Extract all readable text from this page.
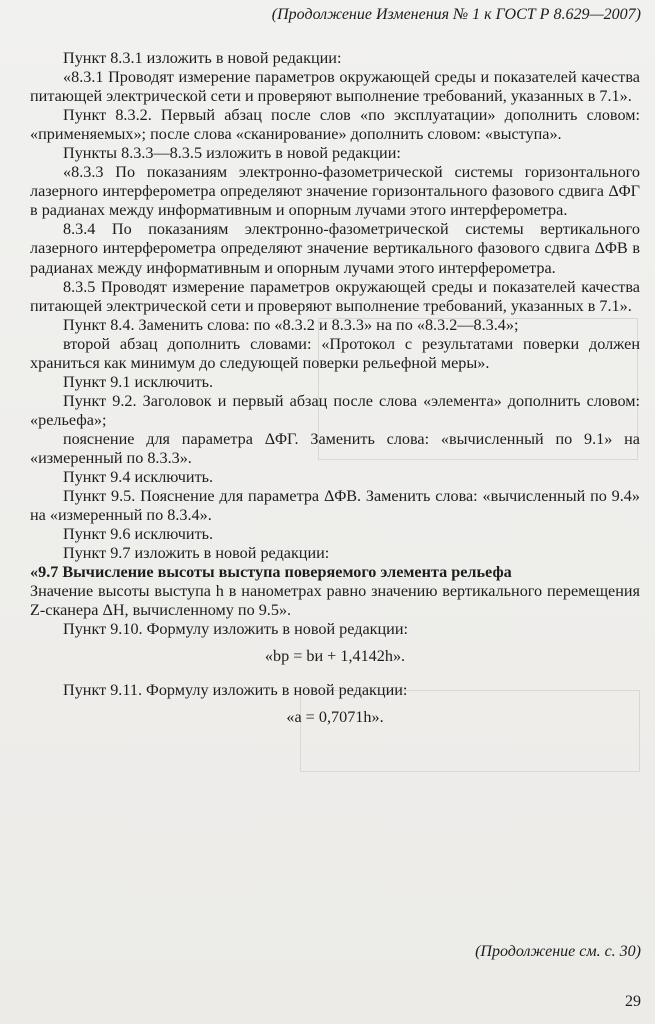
(Продолжение Изменения № 1 к ГОСТ Р 8.629—2007)

Пункт 8.3.1 изложить в новой редакции:

«8.3.1 Проводят измерение параметров окружающей среды и показателей качества питающей электрической сети и проверяют выполнение требований, указанных в 7.1».

Пункт 8.3.2. Первый абзац после слов «по эксплуатации» дополнить словом: «применяемых»; после слова «сканирование» дополнить словом: «выступа».

Пункты 8.3.3—8.3.5 изложить в новой редакции:

«8.3.3 По показаниям электронно-фазометрической системы горизонтального лазерного интерферометра определяют значение горизонтального фазового сдвига ΔΦГ в радианах между информативным и опорным лучами этого интерферометра.

8.3.4 По показаниям электронно-фазометрической системы вертикального лазерного интерферометра определяют значение вертикального фазового сдвига ΔΦВ в радианах между информативным и опорным лучами этого интерферометра.

8.3.5 Проводят измерение параметров окружающей среды и показателей качества питающей электрической сети и проверяют выполнение требований, указанных в 7.1».

Пункт 8.4. Заменить слова: по «8.3.2 и 8.3.3» на по «8.3.2—8.3.4»;

второй абзац дополнить словами: «Протокол с результатами поверки должен храниться как минимум до следующей поверки рельефной меры».

Пункт 9.1 исключить.

Пункт 9.2. Заголовок и первый абзац после слова «элемента» дополнить словом: «рельефа»;

пояснение для параметра ΔΦГ. Заменить слова: «вычисленный по 9.1» на «измеренный по 8.3.3».

Пункт 9.4 исключить.

Пункт 9.5. Пояснение для параметра ΔΦВ. Заменить слова: «вычисленный по 9.4» на «измеренный по 8.3.4».

Пункт 9.6 исключить.

Пункт 9.7 изложить в новой редакции:

«9.7 Вычисление высоты выступа поверяемого элемента рельефа

Значение высоты выступа h в нанометрах равно значению вертикального перемещения Z-сканера ΔH, вычисленному по 9.5».

Пункт 9.10. Формулу изложить в новой редакции:

«bр = bи + 1,4142h».

Пункт 9.11. Формулу изложить в новой редакции:

«a = 0,7071h».

(Продолжение см. с. 30)
29
